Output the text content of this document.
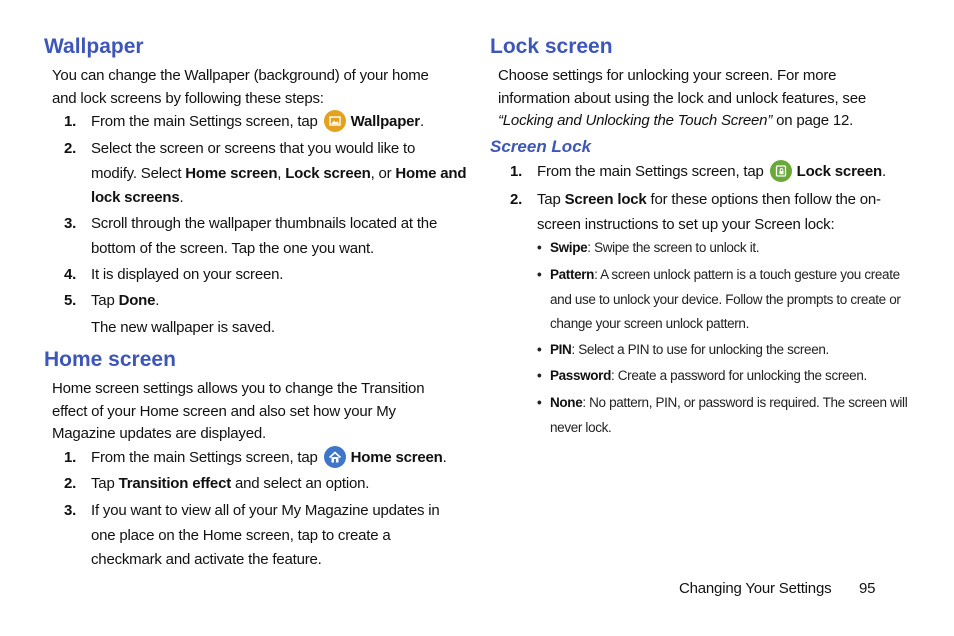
Wallpaper

You can change the Wallpaper (background) of your home
and lock screens by following these steps:

1. From the main Settings screen, tap Wallpaper.
2. Select the screen or screens that you would like to
modify. Select Home screen, Lock screen, or Home and
lock screens.
3. Scroll through the wallpaper thumbnails located at the
bottom of the screen. Tap the one you want.
4. It is displayed on your screen.
5. Tap Done.
The new wallpaper is saved.
Home screen

Home screen settings allows you to change the Transition
effect of your Home screen and also set how your My
Magazine updates are displayed.

1. From the main Settings screen, tap Home screen.
2. Tap Transition effect and select an option.
3. If you want to view all of your My Magazine updates in
one place on the Home screen, tap to create a
checkmark and activate the feature.
Lock screen

Choose settings for unlocking your screen. For more
information about using the lock and unlock features, see
“Locking and Unlocking the Touch Screen” on page 12.

Screen Lock
1. From the main Settings screen, tap Lock screen.
2. Tap Screen lock for these options then follow the on-
screen instructions to set up your Screen lock:
• Swipe: Swipe the screen to unlock it.
• Pattern: A screen unlock pattern is a touch gesture you create
and use to unlock your device. Follow the prompts to create or
change your screen unlock pattern.
• PIN: Select a PIN to use for unlocking the screen.
• Password: Create a password for unlocking the screen.
• None: No pattern, PIN, or password is required. The screen will
never lock.
Changing Your Settings 95
